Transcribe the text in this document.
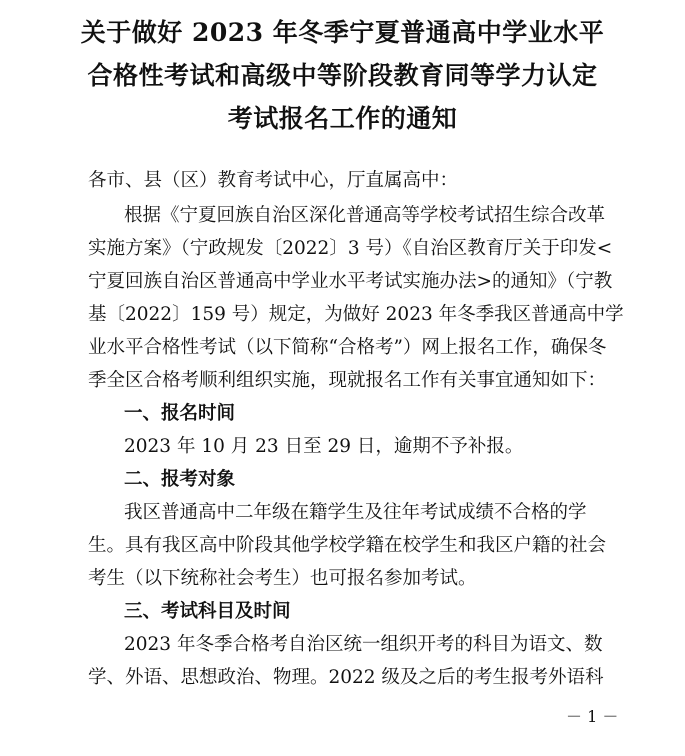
关于做好 2023 年冬季宁夏普通高中学业水平
合格性考试和高级中等阶段教育同等学力认定
考试报名工作的通知
各市、县（区）教育考试中心，厅直属高中：
根据《宁夏回族自治区深化普通高等学校考试招生综合改革
实施方案》（宁政规发〔2022〕3 号）《自治区教育厅关于印发<
宁夏回族自治区普通高中学业水平考试实施办法>的通知》（宁教
基〔2022〕159 号）规定，为做好 2023 年冬季我区普通高中学
业水平合格性考试（以下简称“合格考”）网上报名工作，确保冬
季全区合格考顺利组织实施，现就报名工作有关事宜通知如下：
一、报名时间
2023 年 10 月 23 日至 29 日，逾期不予补报。
二、报考对象
我区普通高中二年级在籍学生及往年考试成绩不合格的学
生。具有我区高中阶段其他学校学籍在校学生和我区户籍的社会
考生（以下统称社会考生）也可报名参加考试。
三、考试科目及时间
2023 年冬季合格考自治区统一组织开考的科目为语文、数
学、外语、思想政治、物理。2022 级及之后的考生报考外语科
－ 1 －
